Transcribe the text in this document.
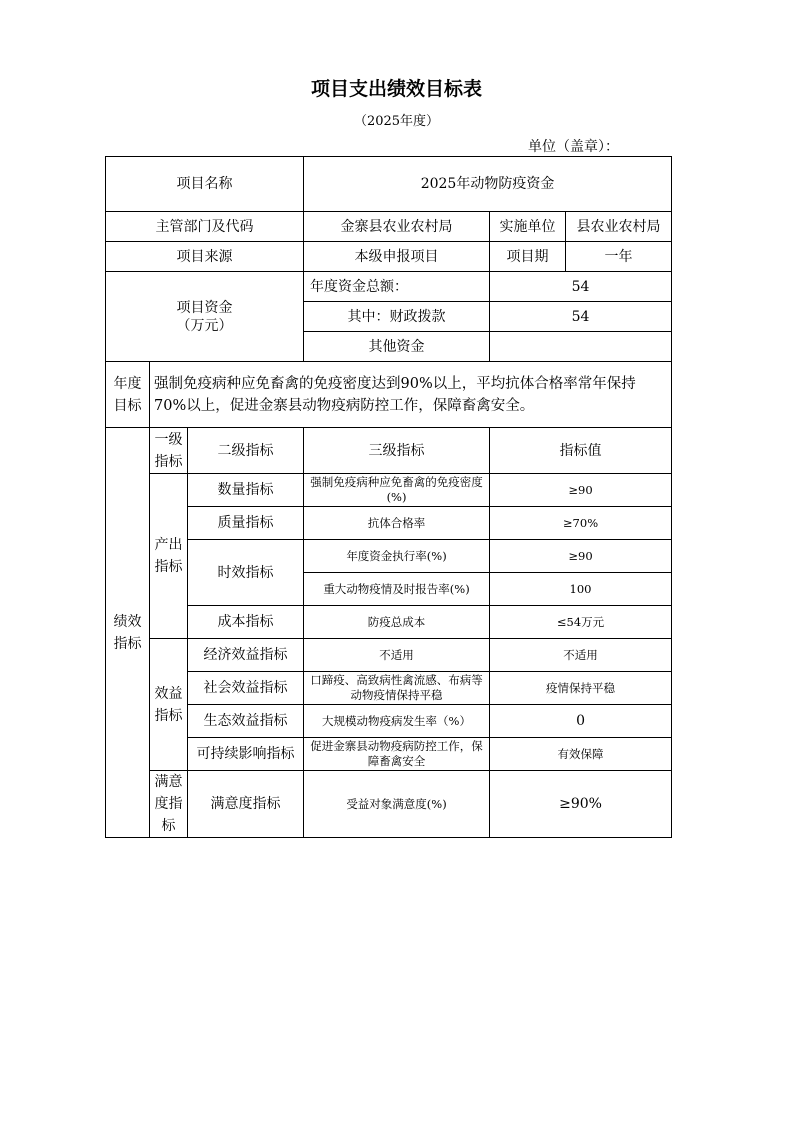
项目支出绩效目标表
（2025年度）
单位（盖章）：
项目名称			2025年动物防疫资金		
主管部门及代码			金寨县农业农村局	实施单位	县农业农村局
项目来源			本级申报项目	项目期	一年

项目资金
（万元）			年度资金总额：	54	
			其中：财政拨款	54	
			其他资金		
年度目标	强制免疫病种应免畜禽的免疫密度达到90%以上，平均抗体合格率常年保持70%以上，促进金寨县动物疫病防控工作，保障畜禽安全。				
绩效指标	一级指标	二级指标	三级指标	指标值	
	产出指标	数量指标	强制免疫病种应免畜禽的免疫密度(%)	≥90	
		质量指标	抗体合格率	≥70%	
		时效指标	年度资金执行率(%)	≥90	
			重大动物疫情及时报告率(%)	100	
		成本指标	防疫总成本	≤54万元	
	效益指标	经济效益指标	不适用	不适用	
		社会效益指标	口蹄疫、高致病性禽流感、布病等动物疫情保持平稳	疫情保持平稳	
		生态效益指标	大规模动物疫病发生率（%）	0	
		可持续影响指标	促进金寨县动物疫病防控工作，保障畜禽安全	有效保障	
	满意度指标	满意度指标	受益对象满意度(%)	≥90%	
